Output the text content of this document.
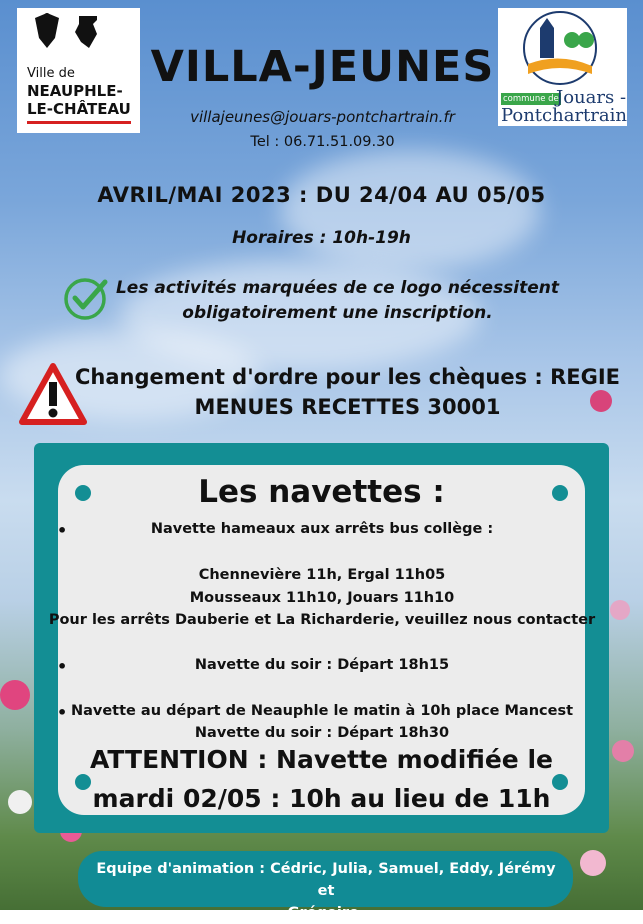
Ville de
NEAUPHLE-
LE-CHÂTEAU
commune de
Jouars -
Pontchartrain
VILLA-JEUNES
villajeunes@jouars-pontchartrain.fr
Tel : 06.71.51.09.30
AVRIL/MAI 2023 : DU 24/04 AU 05/05
Horaires : 10h-19h
Les activités marquées de ce logo nécessitent
obligatoirement une inscription.
Changement d'ordre pour les chèques : REGIE
MENUES RECETTES 30001
Les navettes :
•	Navette hameaux aux arrêts bus collège :
Chennevière 11h, Ergal 11h05
Mousseaux 11h10, Jouars 11h10
Pour les arrêts Dauberie et La Richarderie, veuillez nous contacter
•	Navette du soir : Départ 18h15
• Navette au départ de Neauphle le matin à 10h place Mancest
Navette du soir : Départ 18h30
ATTENTION : Navette modifiée le
mardi 02/05 : 10h au lieu de 11h
Equipe d'animation : Cédric, Julia, Samuel, Eddy, Jérémy et
Grégoire.
